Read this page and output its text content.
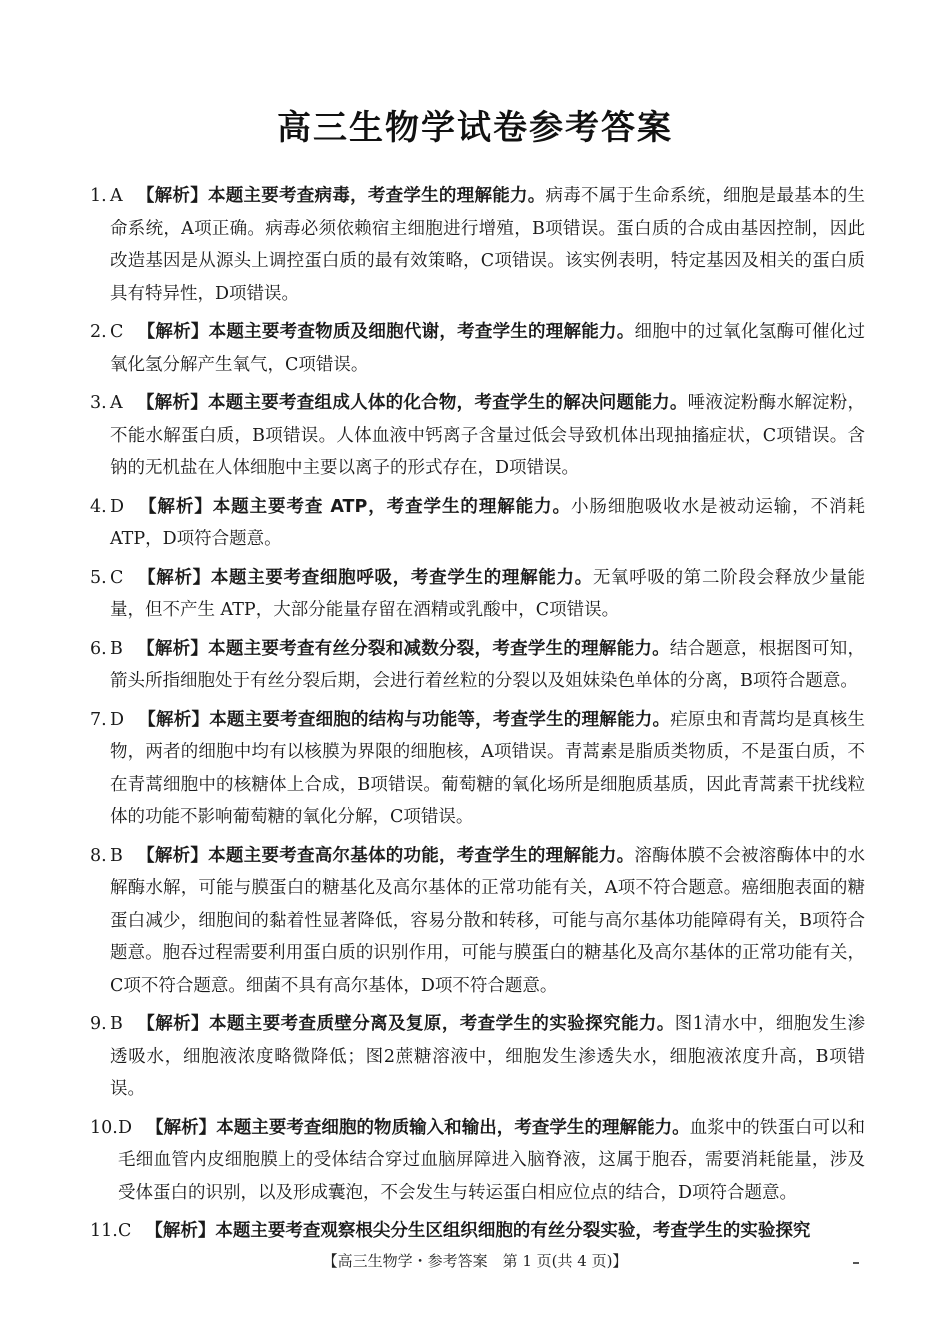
高三生物学试卷参考答案
1. A 【解析】本题主要考查病毒，考查学生的理解能力。病毒不属于生命系统，细胞是最基本的生命系统，A项正确。病毒必须依赖宿主细胞进行增殖，B项错误。蛋白质的合成由基因控制，因此改造基因是从源头上调控蛋白质的最有效策略，C项错误。该实例表明，特定基因及相关的蛋白质具有特异性，D项错误。
2. C 【解析】本题主要考查物质及细胞代谢，考查学生的理解能力。细胞中的过氧化氢酶可催化过氧化氢分解产生氧气，C项错误。
3. A 【解析】本题主要考查组成人体的化合物，考查学生的解决问题能力。唾液淀粉酶水解淀粉，不能水解蛋白质，B项错误。人体血液中钙离子含量过低会导致机体出现抽搐症状，C项错误。含钠的无机盐在人体细胞中主要以离子的形式存在，D项错误。
4. D 【解析】本题主要考查 ATP，考查学生的理解能力。小肠细胞吸收水是被动运输，不消耗 ATP，D项符合题意。
5. C 【解析】本题主要考查细胞呼吸，考查学生的理解能力。无氧呼吸的第二阶段会释放少量能量，但不产生 ATP，大部分能量存留在酒精或乳酸中，C项错误。
6. B 【解析】本题主要考查有丝分裂和减数分裂，考查学生的理解能力。结合题意，根据图可知，箭头所指细胞处于有丝分裂后期，会进行着丝粒的分裂以及姐妹染色单体的分离，B项符合题意。
7. D 【解析】本题主要考查细胞的结构与功能等，考查学生的理解能力。疟原虫和青蒿均是真核生物，两者的细胞中均有以核膜为界限的细胞核，A项错误。青蒿素是脂质类物质，不是蛋白质，不在青蒿细胞中的核糖体上合成，B项错误。葡萄糖的氧化场所是细胞质基质，因此青蒿素干扰线粒体的功能不影响葡萄糖的氧化分解，C项错误。
8. B 【解析】本题主要考查高尔基体的功能，考查学生的理解能力。溶酶体膜不会被溶酶体中的水解酶水解，可能与膜蛋白的糖基化及高尔基体的正常功能有关，A项不符合题意。癌细胞表面的糖蛋白减少，细胞间的黏着性显著降低，容易分散和转移，可能与高尔基体功能障碍有关，B项符合题意。胞吞过程需要利用蛋白质的识别作用，可能与膜蛋白的糖基化及高尔基体的正常功能有关，C项不符合题意。细菌不具有高尔基体，D项不符合题意。
9. B 【解析】本题主要考查质壁分离及复原，考查学生的实验探究能力。图1清水中，细胞发生渗透吸水，细胞液浓度略微降低；图2蔗糖溶液中，细胞发生渗透失水，细胞液浓度升高，B项错误。
10. D 【解析】本题主要考查细胞的物质输入和输出，考查学生的理解能力。血浆中的铁蛋白可以和毛细血管内皮细胞膜上的受体结合穿过血脑屏障进入脑脊液，这属于胞吞，需要消耗能量，涉及受体蛋白的识别，以及形成囊泡，不会发生与转运蛋白相应位点的结合，D项符合题意。
11. C 【解析】本题主要考查观察根尖分生区组织细胞的有丝分裂实验，考查学生的实验探究
【高三生物学・参考答案　第 1 页(共 4 页)】
